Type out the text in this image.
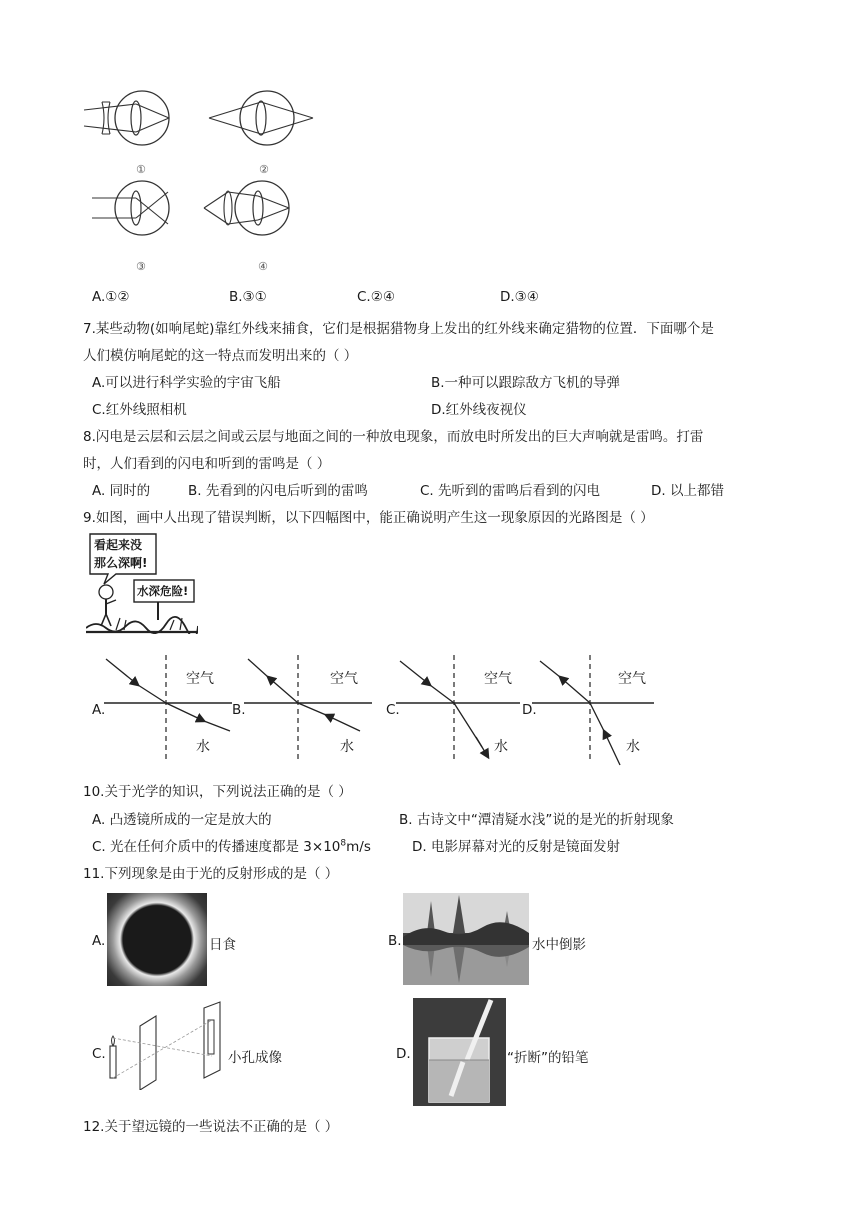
①	②
③	④
A.①②	B.③①	C.②④	D.③④
7.某些动物(如响尾蛇)靠红外线来捕食，它们是根据猎物身上发出的红外线来确定猎物的位置．下面哪个是
人们模仿响尾蛇的这一特点而发明出来的（ ）
A.可以进行科学实验的宇宙飞船	B.一种可以跟踪敌方飞机的导弹
C.红外线照相机	D.红外线夜视仪
8.闪电是云层和云层之间或云层与地面之间的一种放电现象，而放电时所发出的巨大声响就是雷鸣。打雷
时，人们看到的闪电和听到的雷鸣是（ ）
A. 同时的	B. 先看到的闪电后听到的雷鸣	C. 先听到的雷鸣后看到的闪电	D. 以上都错
9.如图，画中人出现了错误判断，以下四幅图中，能正确说明产生这一现象原因的光路图是（ ）
看起来没
那么深啊!
水深危险!
A.
空气
水
B.
空气
水
C.
空气
水
D.
空气
水
10.关于光学的知识，下列说法正确的是（ ）
A. 凸透镜所成的一定是放大的	B. 古诗文中“潭清疑水浅”说的是光的折射现象
C. 光在任何介质中的传播速度都是 $3\times 10^8m/s$	D. 电影屏幕对光的反射是镜面发射
11.下列现象是由于光的反射形成的是（ ）
A.	日食	B.	水中倒影
C.	小孔成像	D.	“折断”的铅笔
12.关于望远镜的一些说法不正确的是（ ）
